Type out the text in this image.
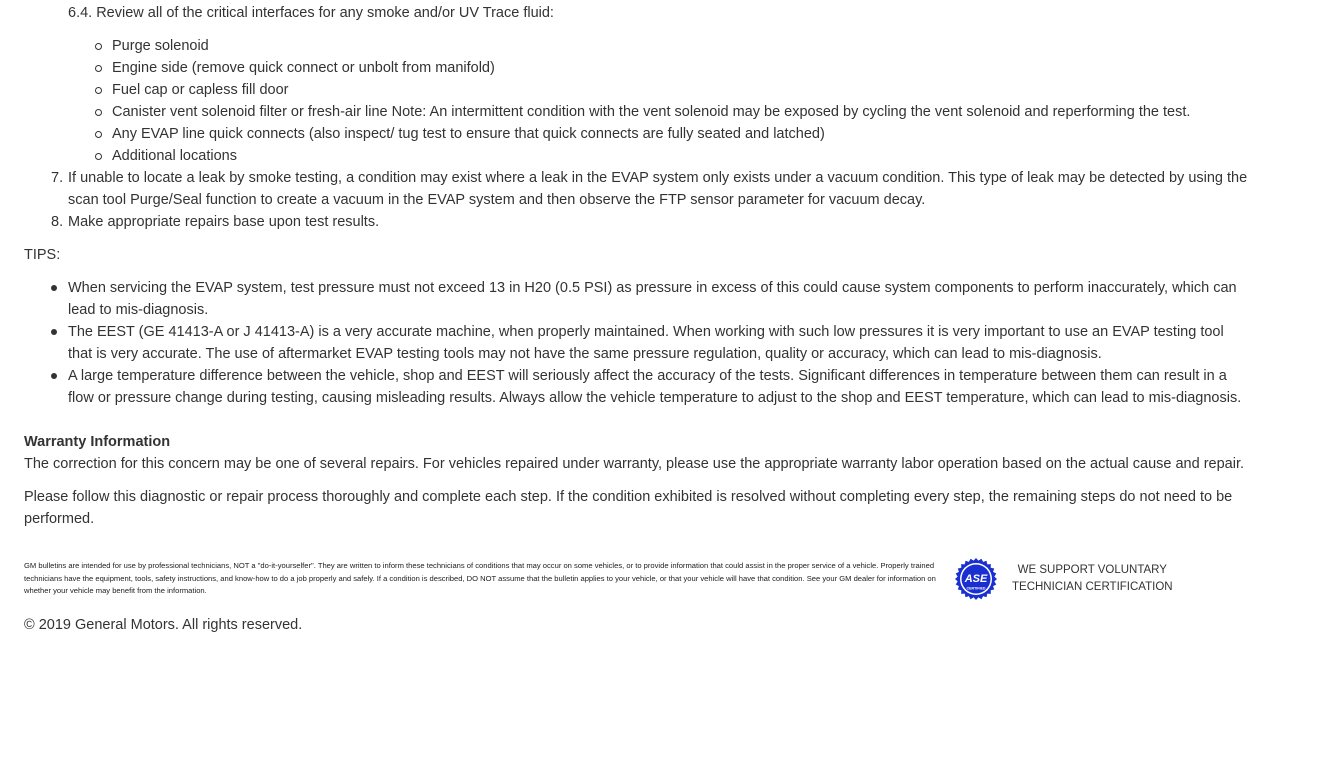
6.4. Review all of the critical interfaces for any smoke and/or UV Trace fluid:

Purge solenoid
Engine side (remove quick connect or unbolt from manifold)
Fuel cap or capless fill door
Canister vent solenoid filter or fresh-air line Note: An intermittent condition with the vent solenoid may be exposed by cycling the vent solenoid and reperforming the test.
Any EVAP line quick connects (also inspect/ tug test to ensure that quick connects are fully seated and latched)
Additional locations
7. If unable to locate a leak by smoke testing, a condition may exist where a leak in the EVAP system only exists under a vacuum condition. This type of leak may be detected by using the scan tool Purge/Seal function to create a vacuum in the EVAP system and then observe the FTP sensor parameter for vacuum decay.
8. Make appropriate repairs base upon test results.

TIPS:

When servicing the EVAP system, test pressure must not exceed 13 in H20 (0.5 PSI) as pressure in excess of this could cause system components to perform inaccurately, which can lead to mis-diagnosis.
The EEST (GE 41413-A or J 41413-A) is a very accurate machine, when properly maintained. When working with such low pressures it is very important to use an EVAP testing tool that is very accurate. The use of aftermarket EVAP testing tools may not have the same pressure regulation, quality or accuracy, which can lead to mis-diagnosis.
A large temperature difference between the vehicle, shop and EEST will seriously affect the accuracy of the tests. Significant differences in temperature between them can result in a flow or pressure change during testing, causing misleading results. Always allow the vehicle temperature to adjust to the shop and EEST temperature, which can lead to mis-diagnosis.

Warranty Information

The correction for this concern may be one of several repairs. For vehicles repaired under warranty, please use the appropriate warranty labor operation based on the actual cause and repair.

Please follow this diagnostic or repair process thoroughly and complete each step. If the condition exhibited is resolved without completing every step, the remaining steps do not need to be performed.

GM bulletins are intended for use by professional technicians, NOT a "do-it-yourselfer". They are written to inform these technicians of conditions that may occur on some vehicles, or to provide information that could assist in the proper service of a vehicle. Properly trained technicians have the equipment, tools, safety instructions, and know-how to do a job properly and safely. If a condition is described, DO NOT assume that the bulletin applies to your vehicle, or that your vehicle will have that condition. See your GM dealer for information on whether your vehicle may benefit from the information.
ASE
CERTIFIED
WE SUPPORT VOLUNTARY
TECHNICIAN CERTIFICATION

© 2019 General Motors. All rights reserved.
